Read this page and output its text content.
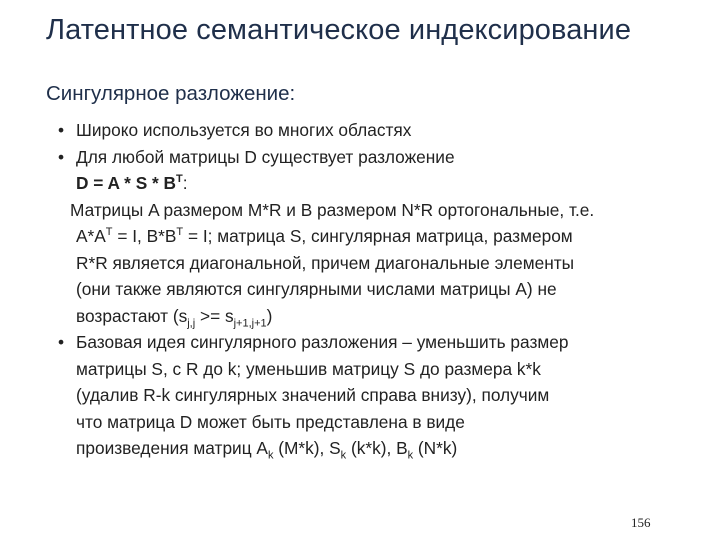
Латентное семантическое индексирование
Сингулярное разложение:
• Широко используется во многих областях
• Для любой матрицы D существует разложение
$D = A * S * B^T$:
Матрицы A размером M*R и B размером N*R ортогональные, т.е.
$A*A^T = I$, $B*B^T = I$; матрица S, сингулярная матрица, размером
R*R является диагональной, причем диагональные элементы
(они также являются сингулярными числами матрицы A) не
возрастают $(s_{j,j} >= s_{j+1,j+1})$
• Базовая идея сингулярного разложения – уменьшить размер
матрицы S, с R до k; уменьшив матрицу S до размера k*k
(удалив R-k сингулярных значений справа внизу), получим
что матрица D может быть представлена в виде
произведения матриц $A_k$ (M*k), $S_k$ (k*k), $B_k$ (N*k)
156
